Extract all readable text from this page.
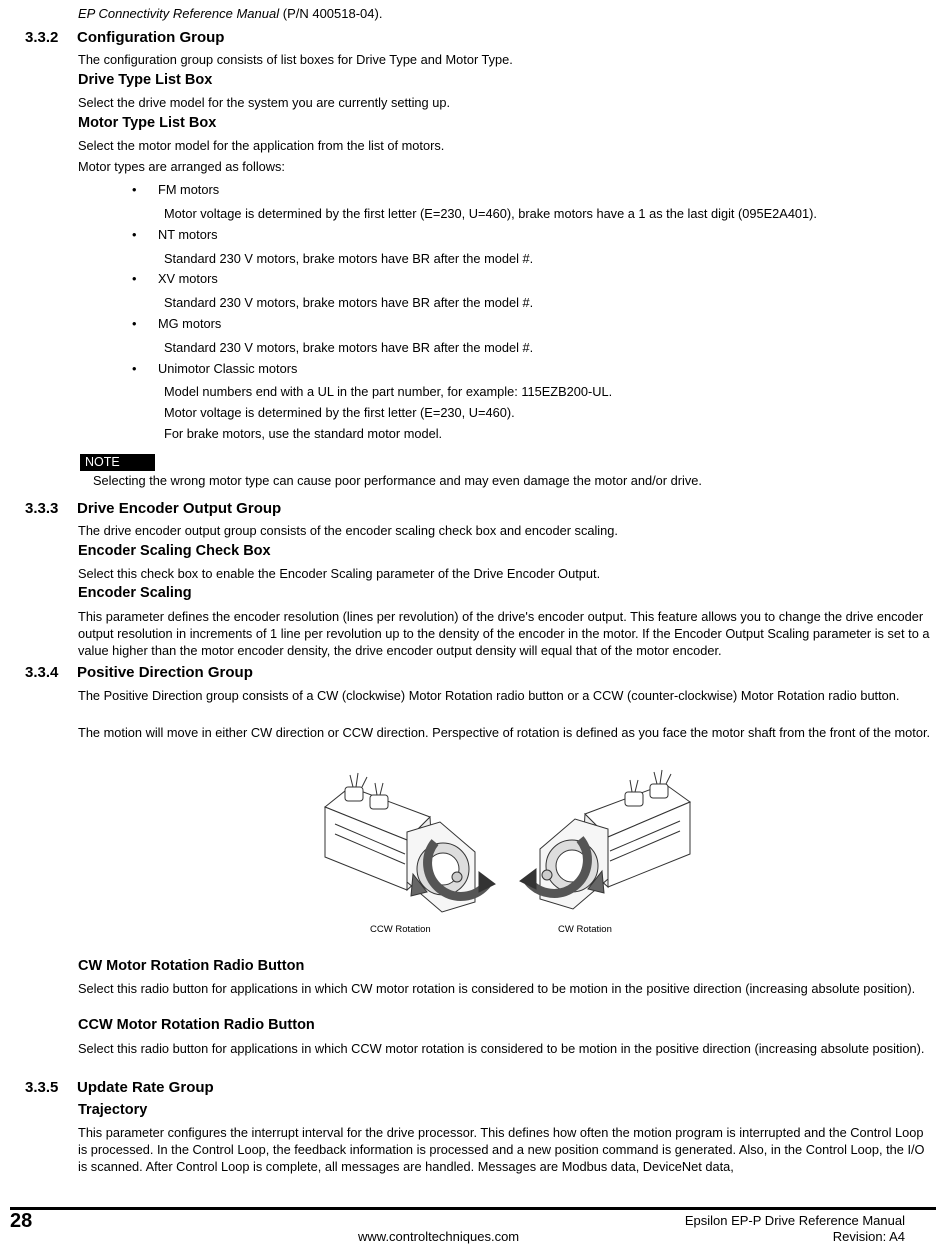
EP Connectivity Reference Manual (P/N 400518-04).
3.3.2 Configuration Group
The configuration group consists of list boxes for Drive Type and Motor Type.
Drive Type List Box
Select the drive model for the system you are currently setting up.
Motor Type List Box
Select the motor model for the application from the list of motors.
Motor types are arranged as follows:
• FM motors
Motor voltage is determined by the first letter (E=230, U=460), brake motors have a 1 as the last digit (095E2A401).
• NT motors
Standard 230 V motors, brake motors have BR after the model #.
• XV motors
Standard 230 V motors, brake motors have BR after the model #.
• MG motors
Standard 230 V motors, brake motors have BR after the model #.
• Unimotor Classic motors
Model numbers end with a UL in the part number, for example: 115EZB200-UL.
Motor voltage is determined by the first letter (E=230, U=460).
For brake motors, use the standard motor model.
NOTE
Selecting the wrong motor type can cause poor performance and may even damage the motor and/or drive.
3.3.3 Drive Encoder Output Group
The drive encoder output group consists of the encoder scaling check box and encoder scaling.
Encoder Scaling Check Box
Select this check box to enable the Encoder Scaling parameter of the Drive Encoder Output.
Encoder Scaling
This parameter defines the encoder resolution (lines per revolution) of the drive's encoder output. This feature allows you to change the drive encoder output resolution in increments of 1 line per revolution up to the density of the encoder in the motor. If the Encoder Output Scaling parameter is set to a value higher than the motor encoder density, the drive encoder output density will equal that of the motor encoder.
3.3.4 Positive Direction Group
The Positive Direction group consists of a CW (clockwise) Motor Rotation radio button or a CCW (counter-clockwise) Motor Rotation radio button.
The motion will move in either CW direction or CCW direction. Perspective of rotation is defined as you face the motor shaft from the front of the motor.
CCW Rotation	CW Rotation
CW Motor Rotation Radio Button
Select this radio button for applications in which CW motor rotation is considered to be motion in the positive direction (increasing absolute position).
CCW Motor Rotation Radio Button
Select this radio button for applications in which CCW motor rotation is considered to be motion in the positive direction (increasing absolute position).
3.3.5 Update Rate Group
Trajectory
This parameter configures the interrupt interval for the drive processor. This defines how often the motion program is interrupted and the Control Loop is processed. In the Control Loop, the feedback information is processed and a new position command is generated. Also, in the Control Loop, the I/O is scanned. After Control Loop is complete, all messages are handled. Messages are Modbus data, DeviceNet data,
28
www.controltechniques.com
Epsilon EP-P Drive Reference Manual
Revision: A4
